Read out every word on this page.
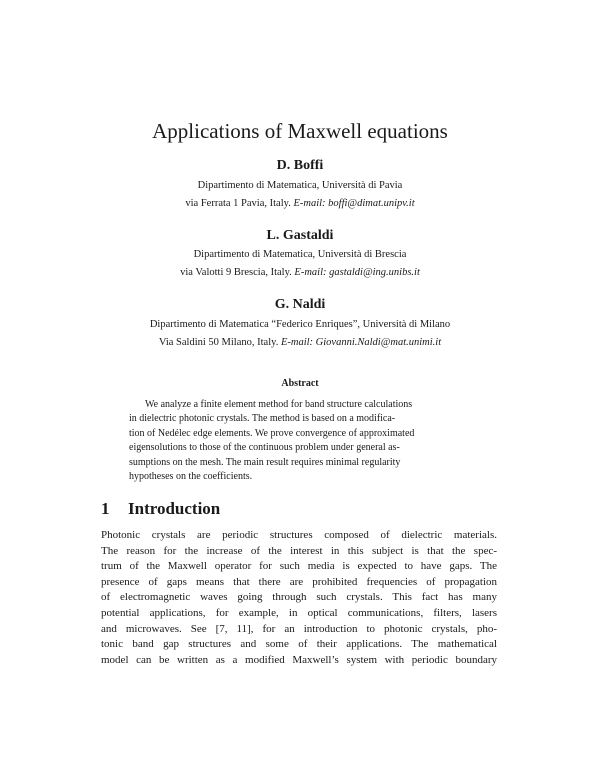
Applications of Maxwell equations
D. Boffi
Dipartimento di Matematica, Università di Pavia
via Ferrata 1 Pavia, Italy. E-mail: boffi@dimat.unipv.it
L. Gastaldi
Dipartimento di Matematica, Università di Brescia
via Valotti 9 Brescia, Italy. E-mail: gastaldi@ing.unibs.it
G. Naldi
Dipartimento di Matematica “Federico Enriques”, Università di Milano
Via Saldini 50 Milano, Italy. E-mail: Giovanni.Naldi@mat.unimi.it
Abstract
We analyze a finite element method for band structure calculations
in dielectric photonic crystals. The method is based on a modifica-
tion of Nedélec edge elements. We prove convergence of approximated
eigensolutions to those of the continuous problem under general as-
sumptions on the mesh. The main result requires minimal regularity
hypotheses on the coefficients.
1 Introduction
Photonic crystals are periodic structures composed of dielectric materials.
The reason for the increase of the interest in this subject is that the spec-
trum of the Maxwell operator for such media is expected to have gaps. The
presence of gaps means that there are prohibited frequencies of propagation
of electromagnetic waves going through such crystals. This fact has many
potential applications, for example, in optical communications, filters, lasers
and microwaves. See [7, 11], for an introduction to photonic crystals, pho-
tonic band gap structures and some of their applications. The mathematical
model can be written as a modified Maxwell’s system with periodic boundary
